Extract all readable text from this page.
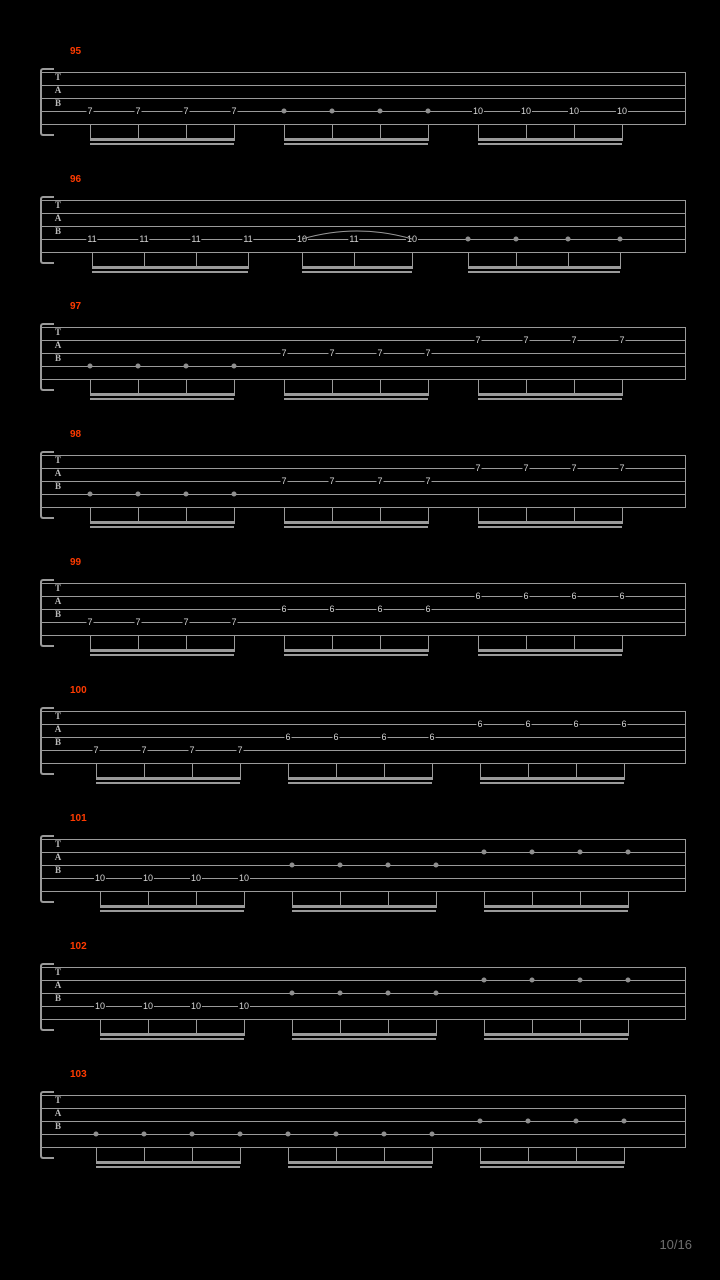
10/16
95
T
A
B
7	7	7	7	10	10	10	10
96
T
A
B
11	11	11	11	10	11	10
97
T
A
B	7	7	7	7
7	7	7	7
98
T
A
B	7	7	7	7
7	7	7	7
99
T
A
B
7	7	7	7
6	6	6	6
6	6	6	6
100
T
A
B
7	7	7	7
6	6	6	6
6	6	6	6
101
T
A
B
10	10	10	10
102
T
A
B
10	10	10	10
103
T
A
B
